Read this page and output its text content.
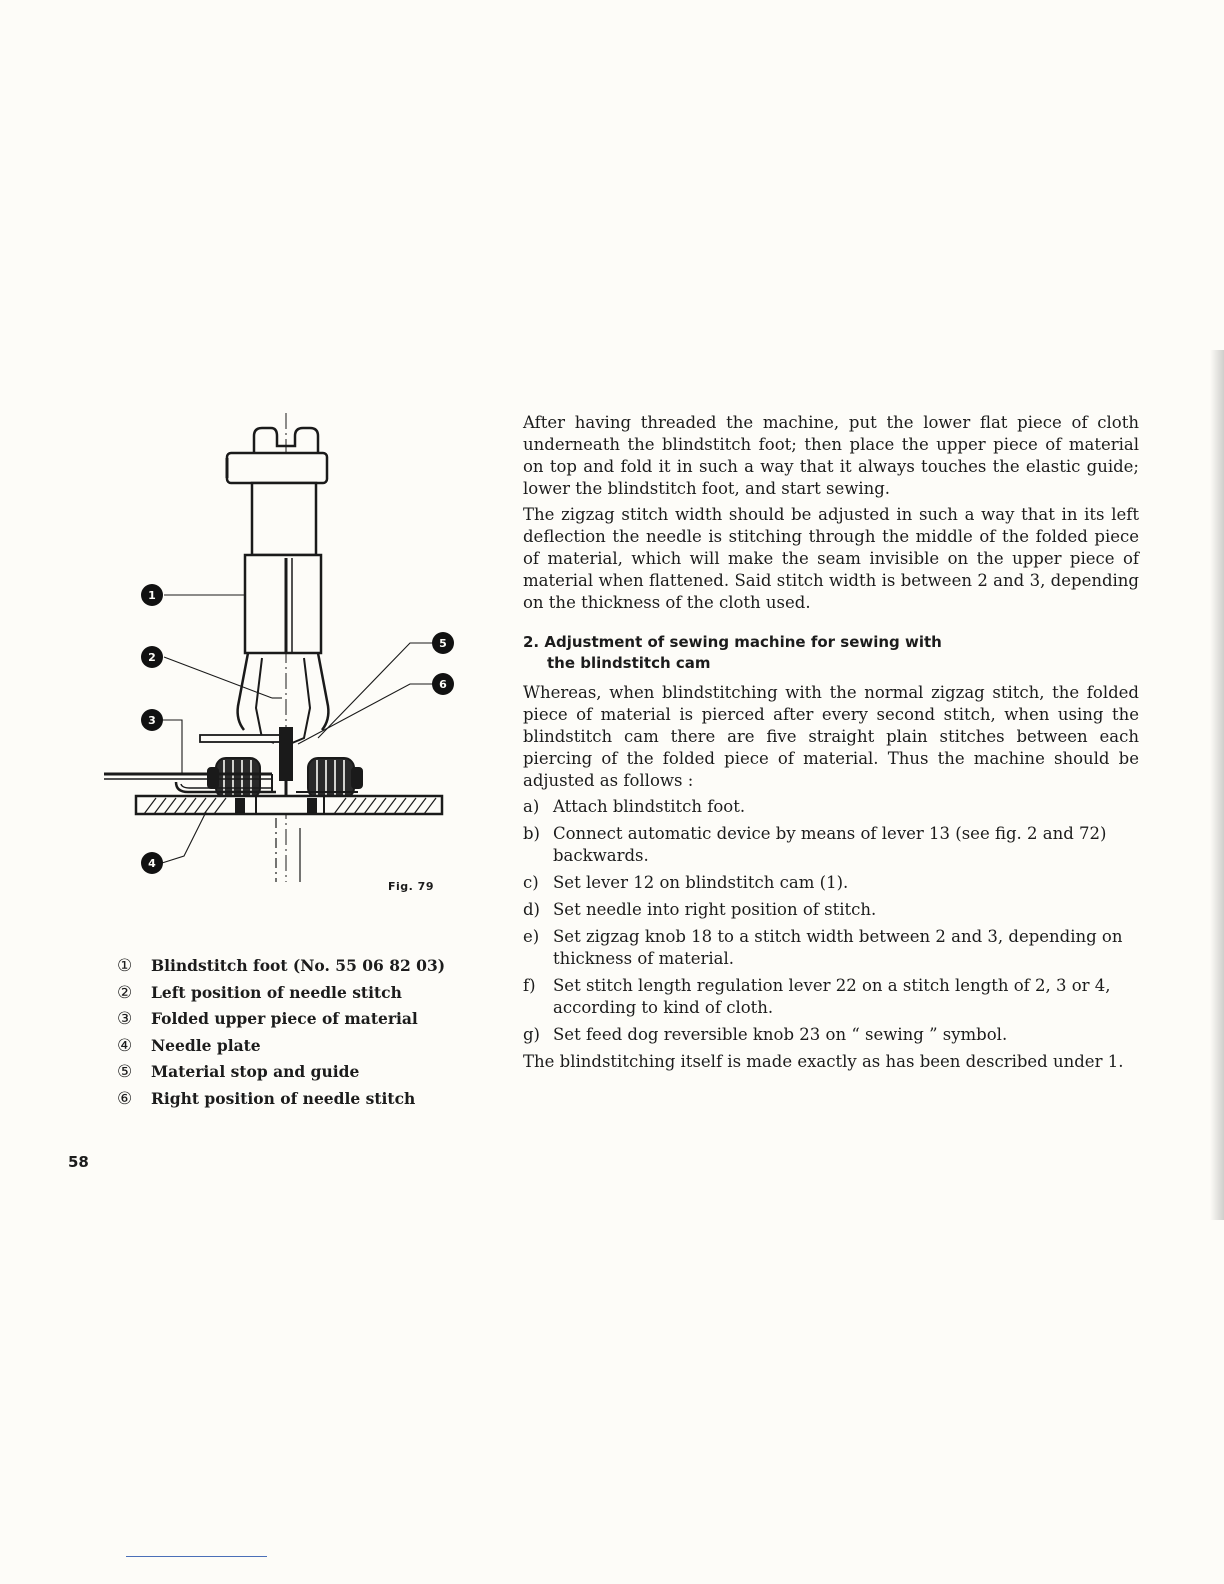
1
2
3
4
5
6
Fig. 79
①	Blindstitch foot (No. 55 06 82 03)
②	Left position of needle stitch
③	Folded upper piece of material
④	Needle plate
⑤	Material stop and guide
⑥	Right position of needle stitch

After having threaded the machine, put the lower flat piece of cloth underneath the blindstitch foot; then place the upper piece of material on top and fold it in such a way that it always touches the elastic guide; lower the blindstitch foot, and start sewing.

The zigzag stitch width should be adjusted in such a way that in its left deflection the needle is stitching through the middle of the folded piece of material, which will make the seam invisible on the upper piece of material when flattened. Said stitch width is between 2 and 3, depending on the thickness of the cloth used.

2. Adjustment of sewing machine for sewing with
the blindstitch cam

Whereas, when blindstitching with the normal zigzag stitch, the folded piece of material is pierced after every second stitch, when using the blindstitch cam there are five straight plain stitches between each piercing of the folded piece of material. Thus the machine should be adjusted as follows :

a) Attach blindstitch foot.
b) Connect automatic device by means of lever 13 (see fig. 2 and 72) backwards.
c) Set lever 12 on blindstitch cam (1).
d) Set needle into right position of stitch.
e) Set zigzag knob 18 to a stitch width between 2 and 3, depending on thickness of material.
f)	Set stitch length regulation lever 22 on a stitch length of 2, 3 or 4, according to kind of cloth.
g) Set feed dog reversible knob 23 on “ sewing ” symbol.

The blindstitching itself is made exactly as has been described under 1.

58
